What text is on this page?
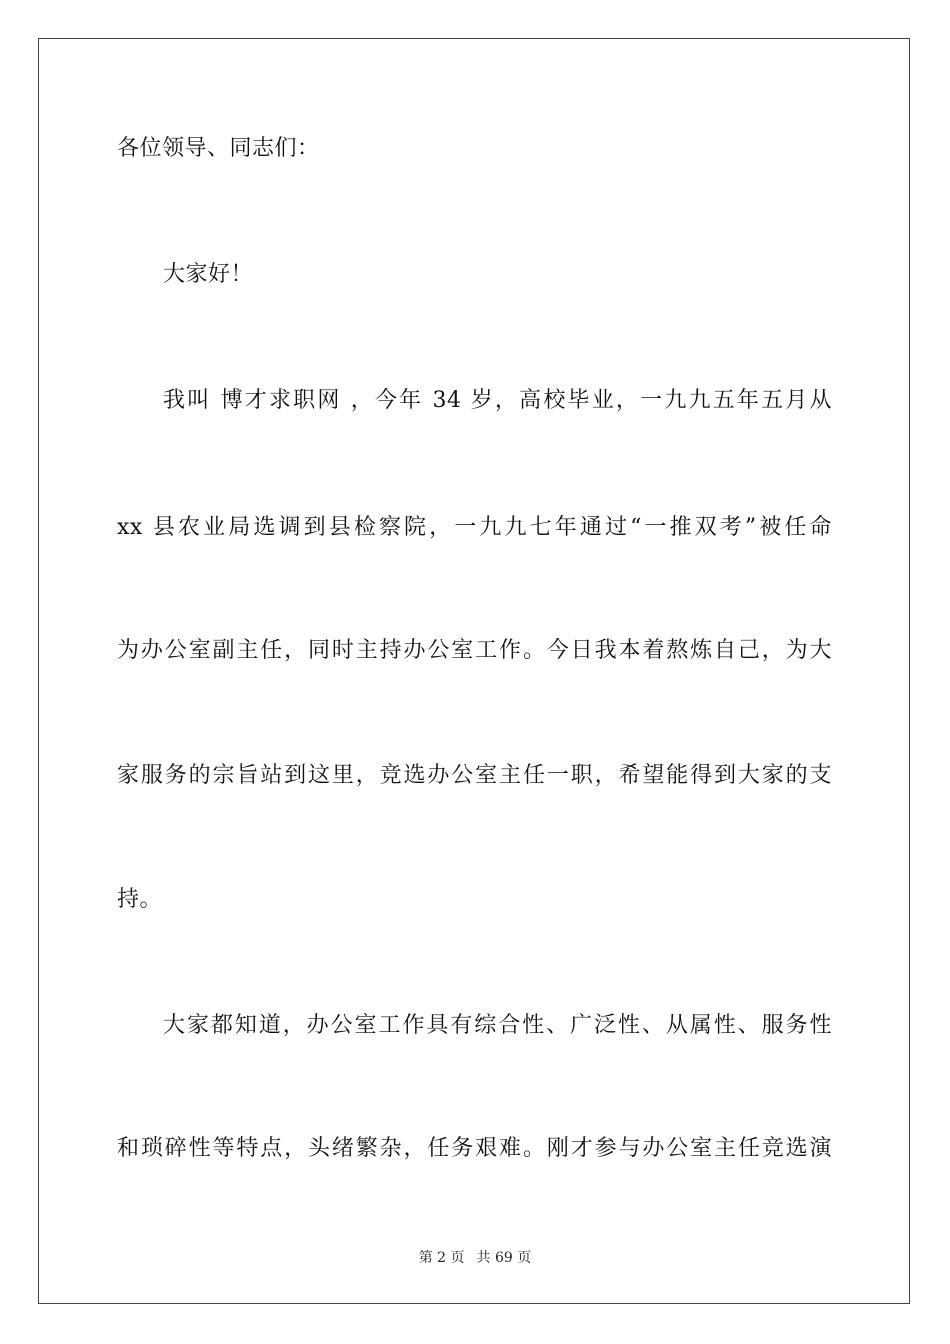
各位领导、同志们：
大家好！
我叫 博才求职网 ，今年 34 岁，高校毕业，一九九五年五月从
xx 县农业局选调到县检察院，一九九七年通过“一推双考”被任命
为办公室副主任，同时主持办公室工作。今日我本着熬炼自己，为大
家服务的宗旨站到这里，竞选办公室主任一职，希望能得到大家的支
持。
大家都知道，办公室工作具有综合性、广泛性、从属性、服务性
和琐碎性等特点，头绪繁杂，任务艰难。刚才参与办公室主任竞选演
第 2 页 共 69 页
